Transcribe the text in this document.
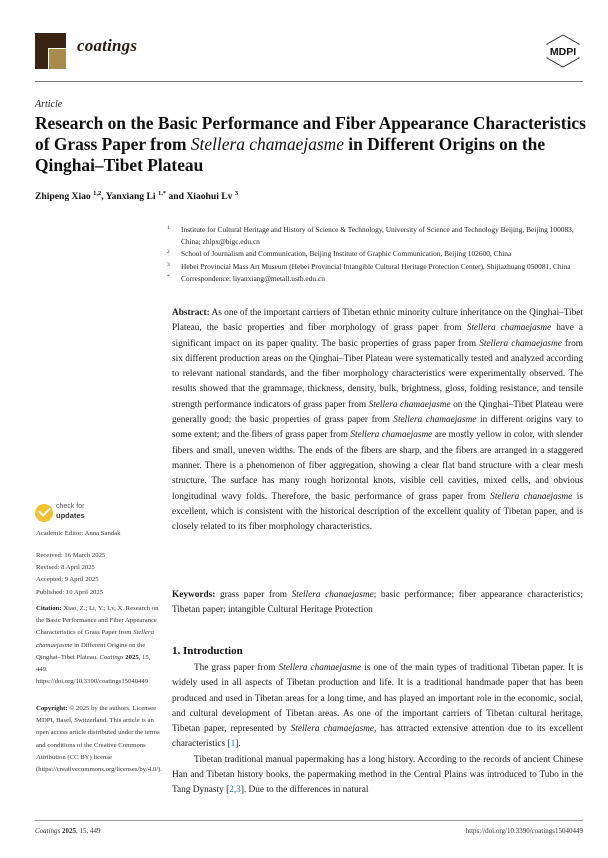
coatings	MDPI
Article
Research on the Basic Performance and Fiber Appearance Characteristics of Grass Paper from Stellera chamaejasme in Different Origins on the Qinghai–Tibet Plateau
Zhipeng Xiao $^{1,2}$, Yanxiang Li $^{1,*}$ and Xiaohui Lv $^3$
1 Institute for Cultural Heritage and History of Science & Technology, University of Science and Technology Beijing, Beijing 100083, China; zhipx@bigc.edu.cn
2 School of Journalism and Communication, Beijing Institute of Graphic Communication, Beijing 102600, China
3 Hebei Provincial Mass Art Museum (Hebei Provincial Intangible Cultural Heritage Protection Center), Shijiazhuang 050081, China
* Correspondence: liyanxiang@metall.ustb.edu.cn
Abstract: As one of the important carriers of Tibetan ethnic minority culture inheritance on the Qinghai–Tibet Plateau, the basic properties and fiber morphology of grass paper from Stellera chamaejasme have a significant impact on its paper quality. The basic properties of grass paper from Stellera chamaejasme from six different production areas on the Qinghai–Tibet Plateau were systematically tested and analyzed according to relevant national standards, and the fiber morphology characteristics were experimentally observed. The results showed that the grammage, thickness, density, bulk, brightness, gloss, folding resistance, and tensile strength performance indicators of grass paper from Stellera chamaejasme on the Qinghai–Tibet Plateau were generally good; the basic properties of grass paper from Stellera chamaejasme in different origins vary to some extent; and the fibers of grass paper from Stellera chamaejasme are mostly yellow in color, with slender fibers and small, uneven widths. The ends of the fibers are sharp, and the fibers are arranged in a staggered manner. There is a phenomenon of fiber aggregation, showing a clear flat band structure with a clear mesh structure. The surface has many rough horizontal knots, visible cell cavities, mixed cells, and obvious longitudinal wavy folds. Therefore, the basic performance of grass paper from Stellera chanaejasme is excellent, which is consistent with the historical description of the excellent quality of Tibetan paper, and is closely related to its fiber morphology characteristics.
Keywords: grass paper from Stellera chanaejasme; basic performance; fiber appearance characteristics; Tibetan paper; intangible Cultural Heritage Protection
check for
updates
Academic Editor: Anna Sandak
Received: 16 March 2025
Revised: 8 April 2025
Accepted: 9 April 2025
Published: 10 April 2025
Citation: Xiao, Z.; Li, Y.; Lv, X. Research on the Basic Performance and Fiber Appearance Characteristics of Grass Paper from Stellera chamaejasme in Different Origins on the Qinghai–Tibet Plateau. Coatings 2025, 15, 449. https://doi.org/10.3390/coatings15040449
Copyright: © 2025 by the authors. Licensee MDPI, Basel, Switzerland. This article is an open access article distributed under the terms and conditions of the Creative Commons Attribution (CC BY) license (https://creativecommons.org/licenses/by/4.0/).
1. Introduction

The grass paper from Stellera chamaejasme is one of the main types of traditional Tibetan paper. It is widely used in all aspects of Tibetan production and life. It is a traditional handmade paper that has been produced and used in Tibetan areas for a long time, and has played an important role in the economic, social, and cultural development of Tibetan areas. As one of the important carriers of Tibetan cultural heritage, Tibetan paper, represented by Stellera chamaejasme, has attracted extensive attention due to its excellent characteristics [1].

Tibetan traditional manual papermaking has a long history. According to the records of ancient Chinese Han and Tibetan history books, the papermaking method in the Central Plains was introduced to Tubo in the Tang Dynasty [2,3]. Due to the differences in natural

Coatings 2025, 15, 449	https://doi.org/10.3390/coatings15040449
